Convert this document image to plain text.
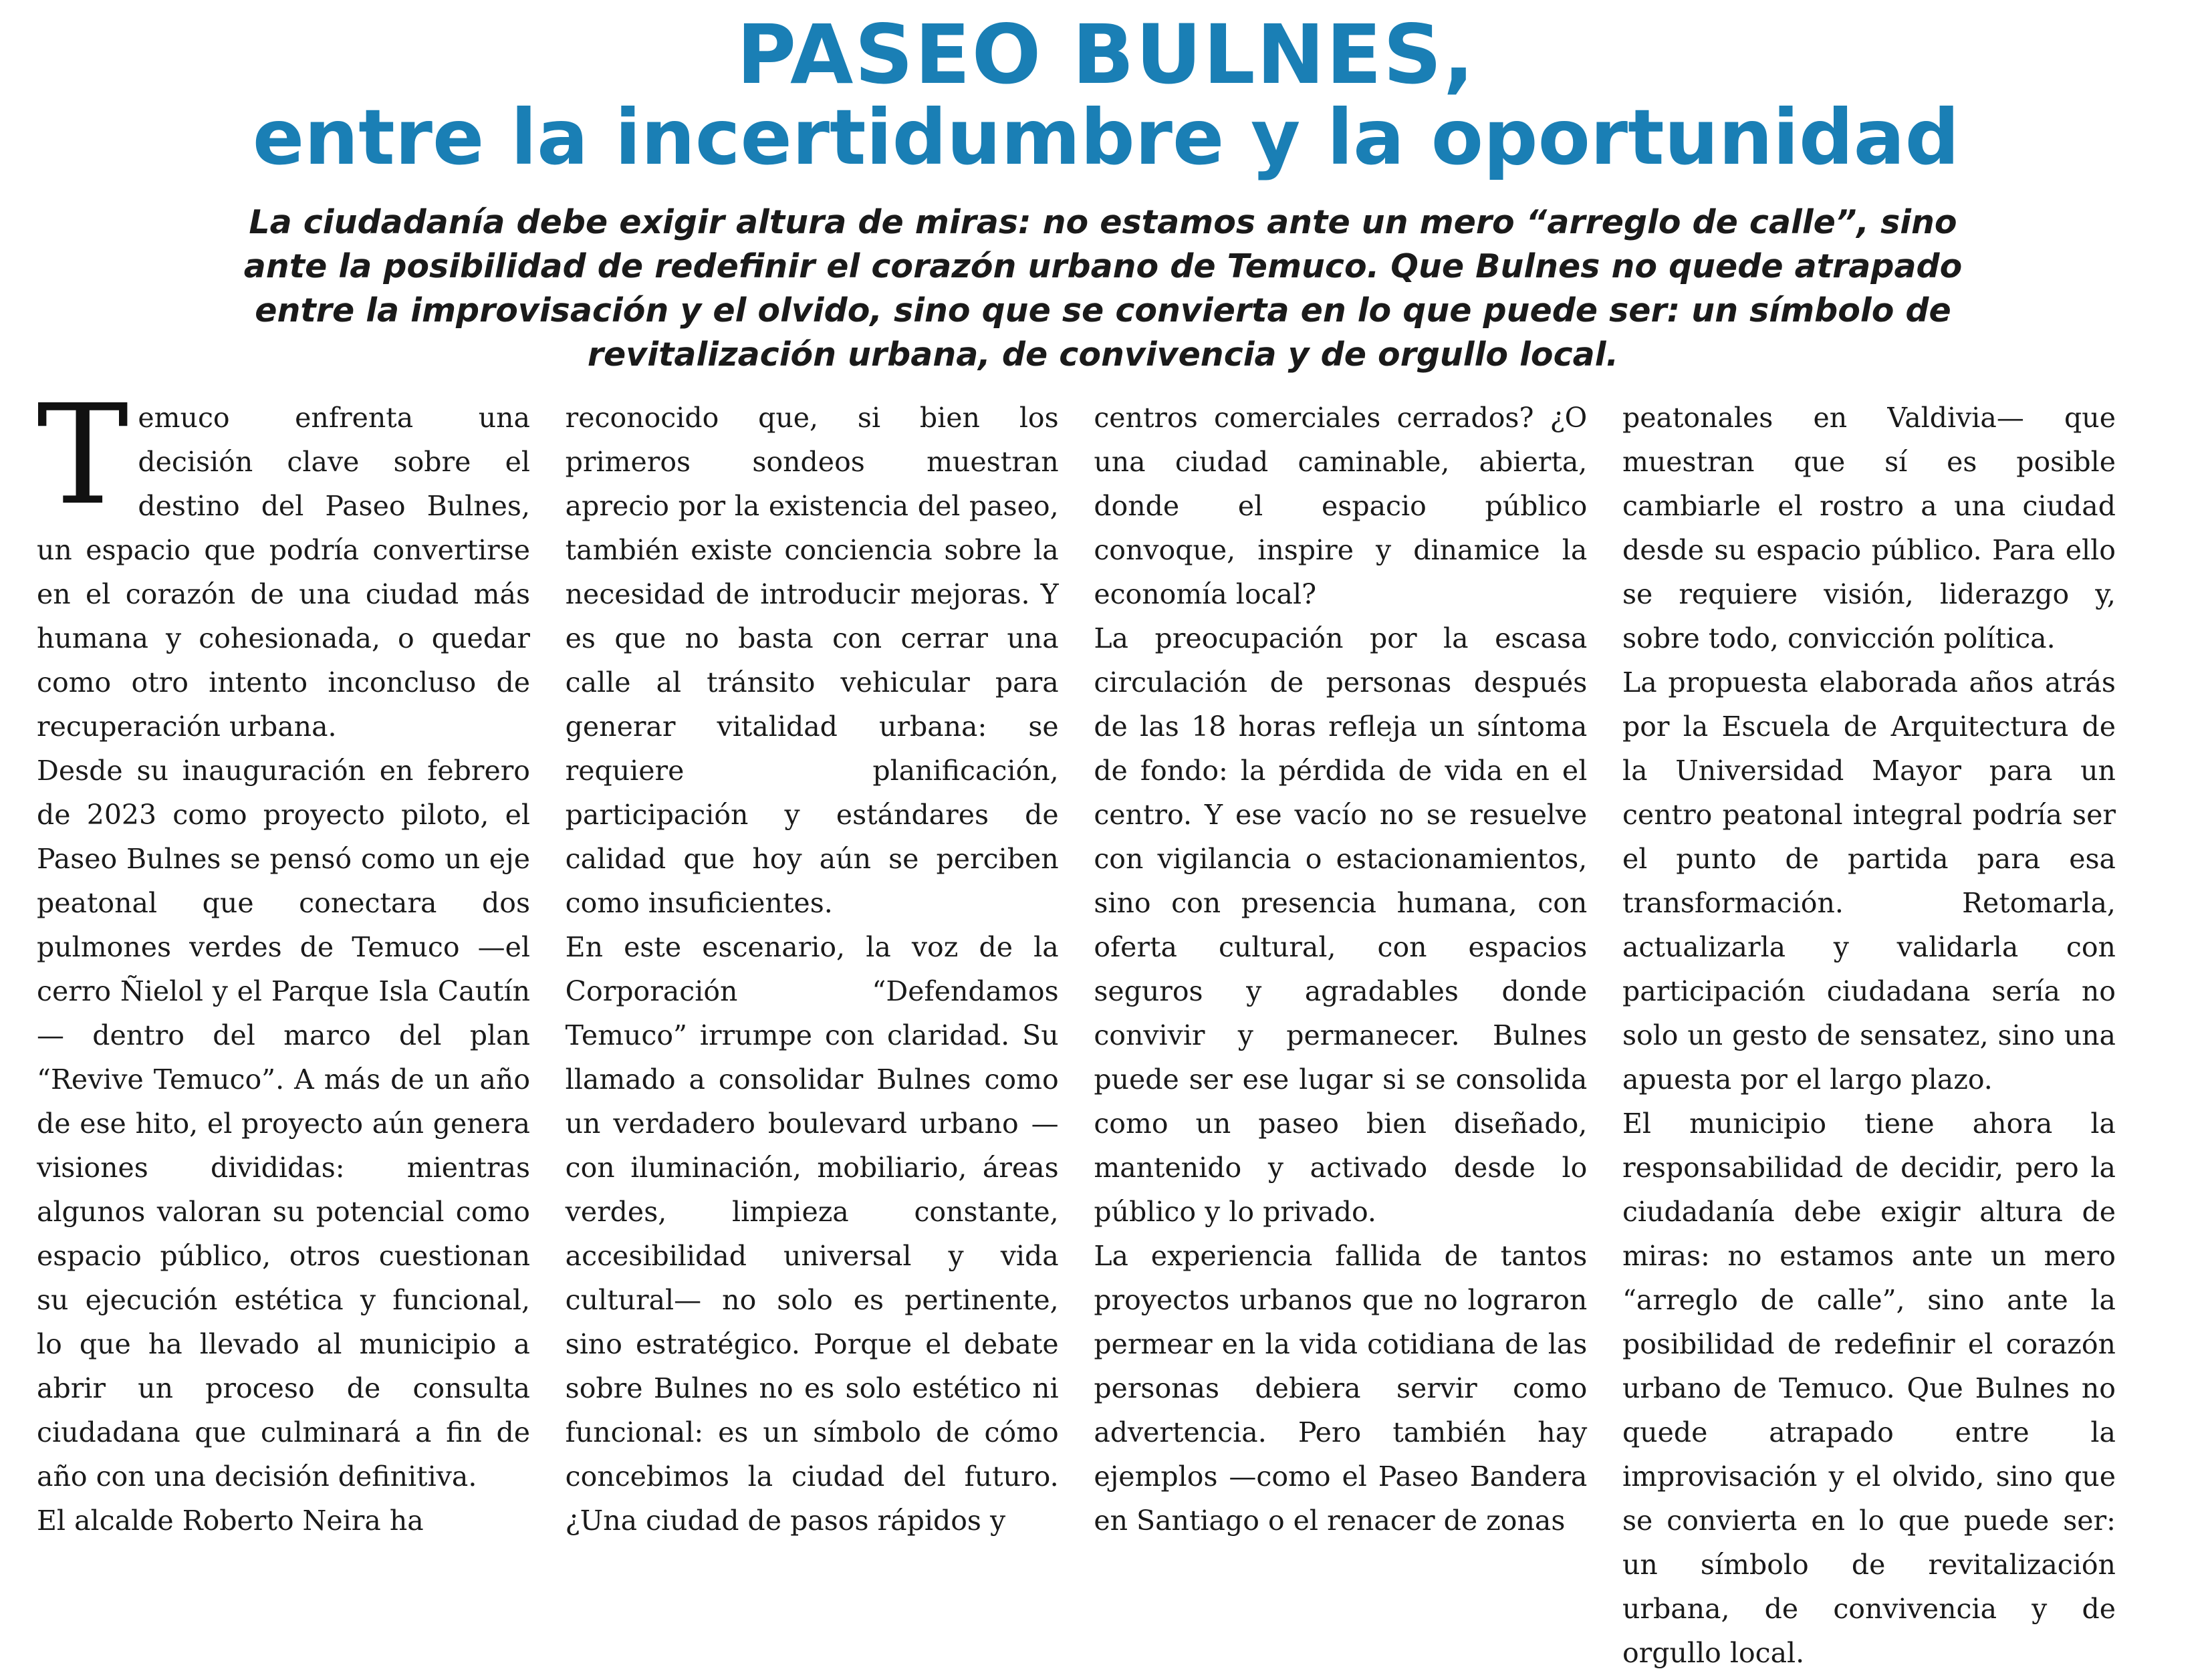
PASEO BULNES,
entre la incertidumbre y la oportunidad

La ciudadanía debe exigir altura de miras: no estamos ante un mero “arreglo de calle”, sino ante la posibilidad de redefinir el corazón urbano de Temuco. Que Bulnes no quede atrapado entre la improvisación y el olvido, sino que se convierta en lo que puede ser: un símbolo de revitalización urbana, de convivencia y de orgullo local.

Temuco enfrenta una decisión clave sobre el destino del Paseo Bulnes, un espacio que podría convertirse en el corazón de una ciudad más humana y cohesionada, o quedar como otro intento inconcluso de recuperación urbana.

Desde su inauguración en febrero de 2023 como proyecto piloto, el Paseo Bulnes se pensó como un eje peatonal que conectara dos pulmones verdes de Temuco —el cerro Ñielol y el Parque Isla Cautín— dentro del marco del plan “Revive Temuco”. A más de un año de ese hito, el proyecto aún genera visiones divididas: mientras algunos valoran su potencial como espacio público, otros cuestionan su ejecución estética y funcional, lo que ha llevado al municipio a abrir un proceso de consulta ciudadana que culminará a fin de año con una decisión definitiva.

El alcalde Roberto Neira ha

reconocido que, si bien los primeros sondeos muestran aprecio por la existencia del paseo, también existe conciencia sobre la necesidad de introducir mejoras. Y es que no basta con cerrar una calle al tránsito vehicular para generar vitalidad urbana: se requiere planificación, participación y estándares de calidad que hoy aún se perciben como insuficientes.

En este escenario, la voz de la Corporación “Defendamos Temuco” irrumpe con claridad. Su llamado a consolidar Bulnes como un verdadero boulevard urbano —con iluminación, mobiliario, áreas verdes, limpieza constante, accesibilidad universal y vida cultural— no solo es pertinente, sino estratégico. Porque el debate sobre Bulnes no es solo estético ni funcional: es un símbolo de cómo concebimos la ciudad del futuro. ¿Una ciudad de pasos rápidos y

centros comerciales cerrados? ¿O una ciudad caminable, abierta, donde el espacio público convoque, inspire y dinamice la economía local?

La preocupación por la escasa circulación de personas después de las 18 horas refleja un síntoma de fondo: la pérdida de vida en el centro. Y ese vacío no se resuelve con vigilancia o estacionamientos, sino con presencia humana, con oferta cultural, con espacios seguros y agradables donde convivir y permanecer. Bulnes puede ser ese lugar si se consolida como un paseo bien diseñado, mantenido y activado desde lo público y lo privado.

La experiencia fallida de tantos proyectos urbanos que no lograron permear en la vida cotidiana de las personas debiera servir como advertencia. Pero también hay ejemplos —como el Paseo Bandera en Santiago o el renacer de zonas

peatonales en Valdivia— que muestran que sí es posible cambiarle el rostro a una ciudad desde su espacio público. Para ello se requiere visión, liderazgo y, sobre todo, convicción política.

La propuesta elaborada años atrás por la Escuela de Arquitectura de la Universidad Mayor para un centro peatonal integral podría ser el punto de partida para esa transformación. Retomarla, actualizarla y validarla con participación ciudadana sería no solo un gesto de sensatez, sino una apuesta por el largo plazo.

El municipio tiene ahora la responsabilidad de decidir, pero la ciudadanía debe exigir altura de miras: no estamos ante un mero “arreglo de calle”, sino ante la posibilidad de redefinir el corazón urbano de Temuco. Que Bulnes no quede atrapado entre la improvisación y el olvido, sino que se convierta en lo que puede ser: un símbolo de revitalización urbana, de convivencia y de orgullo local.
